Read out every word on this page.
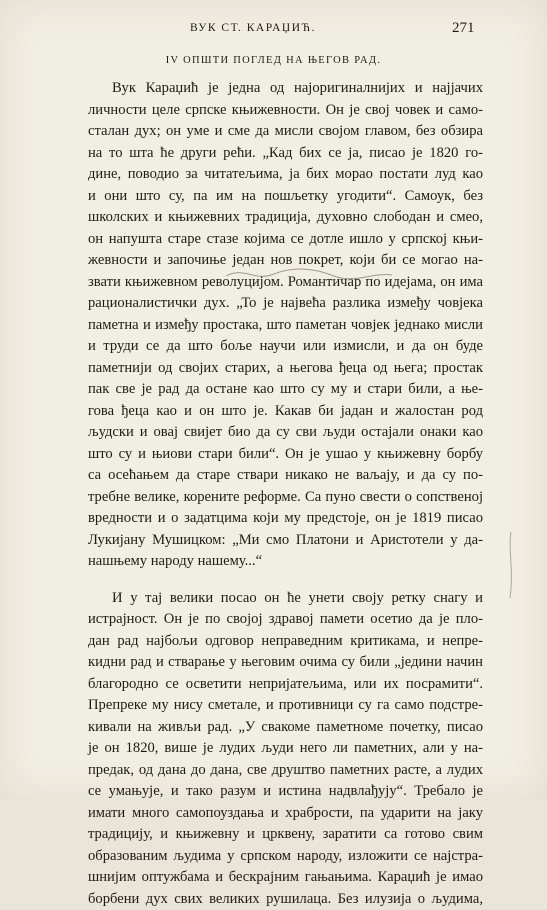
ВУК СТ. КАРАЏИЋ.	271
IV ОПШТИ ПОГЛЕД НА ЊЕГОВ РАД.
Вук Караџић је једна од најоригиналнијих и најјачих
личности целе српске књижевности. Он је свој човек и само-
сталан дух; он уме и сме да мисли својом главом, без обзира
на то шта ће други рећи. „Кад бих се ја, писао је 1820 го-
дине, поводио за читатељима, ја бих морао постати луд као
и они што су, па им на пошљетку угодити“. Самоук, без
школских и књижевних традиција, духовно слободан и смео,
он напушта старе стазе којима се дотле ишло у српској књи-
жевности и започиње један нов покрет, који би се могао на-
звати књижевном револуцијом. Романтичар по идејама, он има
рационалистички дух. „То је највећа разлика између човјека
паметна и између простака, што паметан човјек једнако мисли
и труди се да што боље научи или измисли, и да он буде
паметнији од својих старих, а његова ђеца од њега; простак
пак све је рад да остане као што су му и стари били, а ње-
гова ђеца као и он што је. Какав би јадан и жалостан род
људски и овај свијет био да су сви људи остајали онаки као
што су и њиови стари били“. Он је ушао у књижевну борбу
са осећањем да старе ствари никако не ваљају, и да су по-
требне велике, корените реформе. Са пуно свести о сопственој
вредности и о задатцима који му предстоје, он је 1819 писао
Лукијану Мушицком: „Ми смо Платони и Аристотели у да-
нашњему народу нашему...“
И у тај велики посао он ће унети своју ретку снагу и
истрајност. Он је по својој здравој памети осетио да је пло-
дан рад најбољи одговор неправедним критикама, и непре-
кидни рад и стварање у његовим очима су били „једини начин
благородно се осветити непријатељима, или их посрамити“.
Препреке му нису сметале, и противници су га само подстре-
кивали на живљи рад. „У свакоме паметноме почетку, писао
је он 1820, више је лудих људи него ли паметних, али у на-
предак, од дана до дана, све друштво паметних расте, а лудих
се умањује, и тако разум и истина надвлађују“. Требало је
имати много самопоуздања и храбрости, па ударити на јаку
традицију, и књижевну и црквену, заратити са готово свим
образованим људима у српском народу, изложити се најстра-
шнијим оптужбама и бескрајним гањањима. Караџић је имао
борбени дух свих великих рушилаца. Без илузија о људима,
